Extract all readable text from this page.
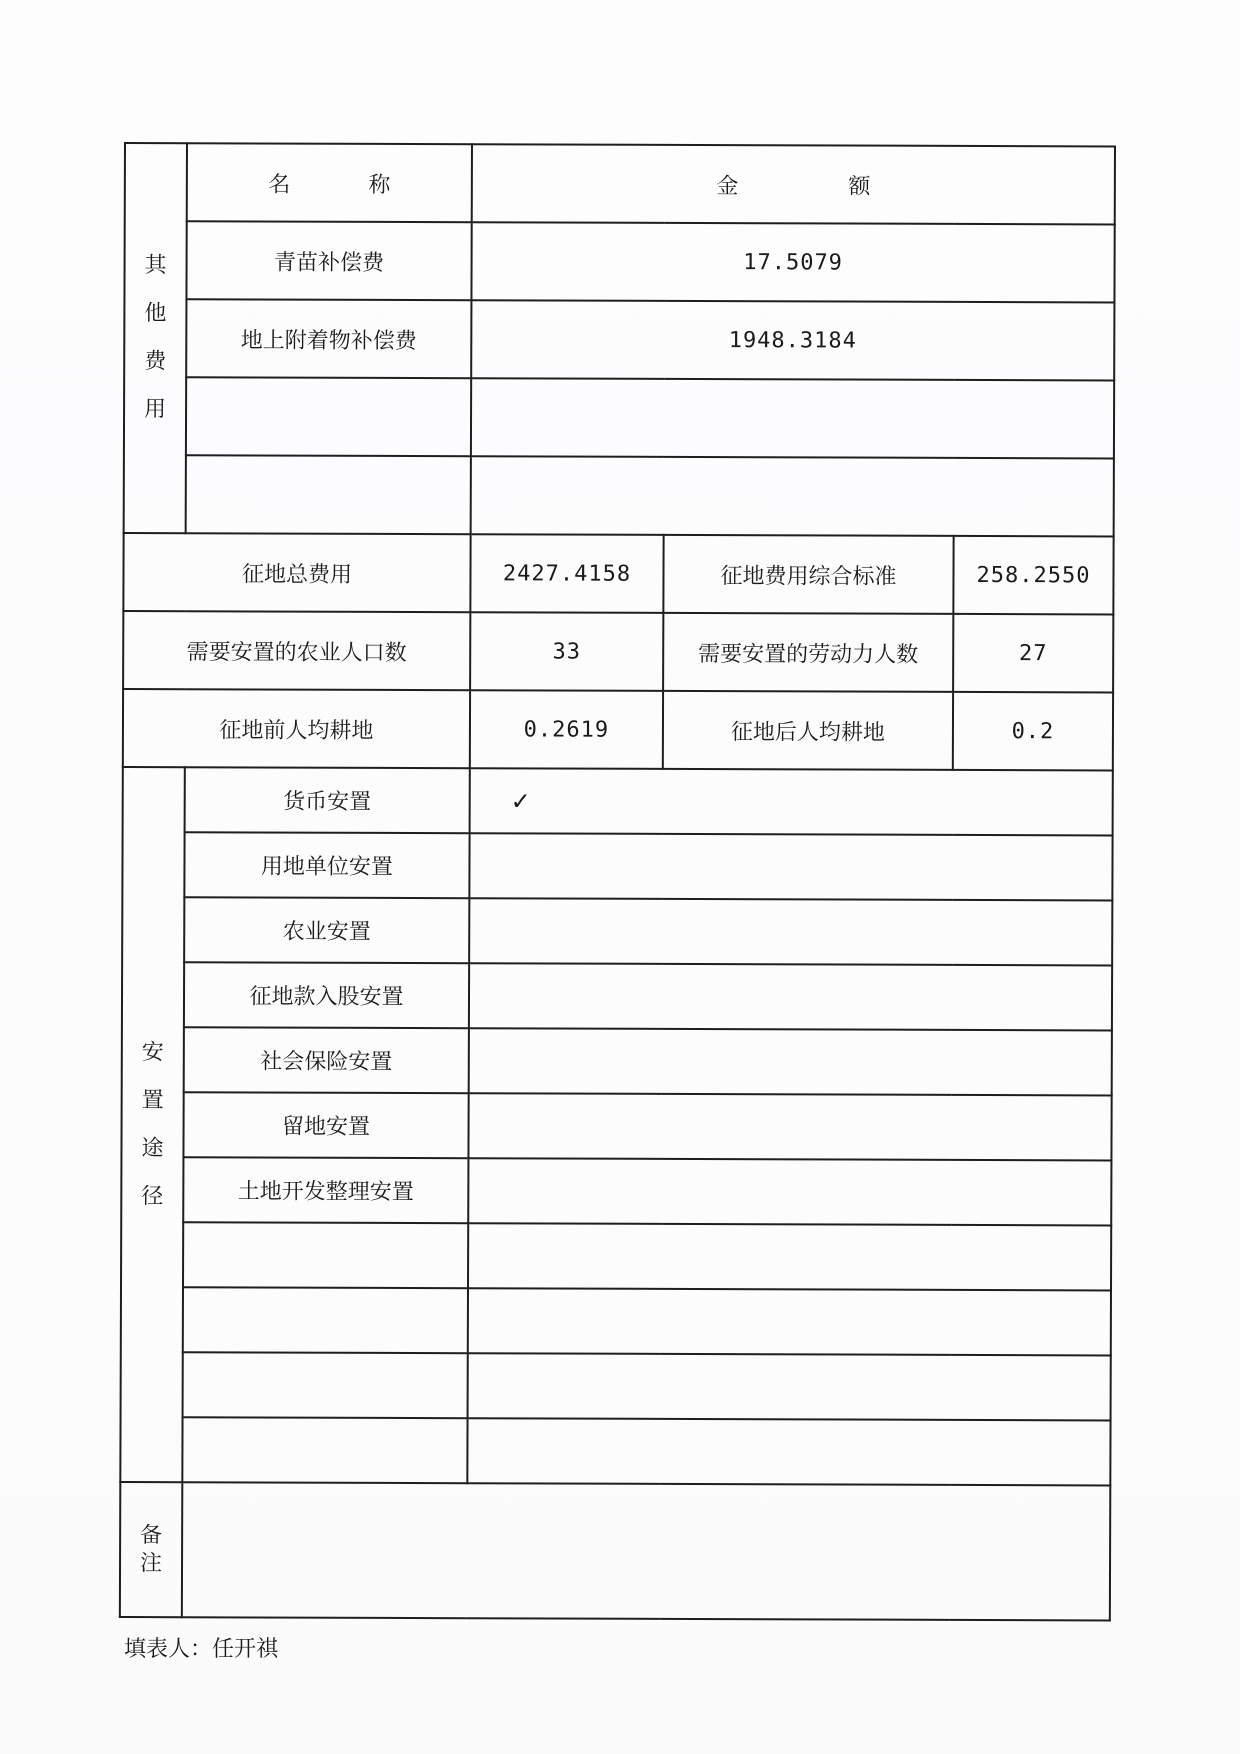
其
他
费
用	名 称	金 额		
	青苗补偿费	17.5079		
	地上附着物补偿费	1948.3184		

征地总费用		2427.4158	征地费用综合标准	258.2550
需要安置的农业人口数		33	需要安置的劳动力人数	27
征地前人均耕地		0.2619	征地后人均耕地	0.2

安
置
途
径	货币安置	✓		
	用地单位安置			
	农业安置			
	征地款入股安置			
	社会保险安置			
	留地安置			
	土地开发整理安置			

备
注				

填表人：任开祺
